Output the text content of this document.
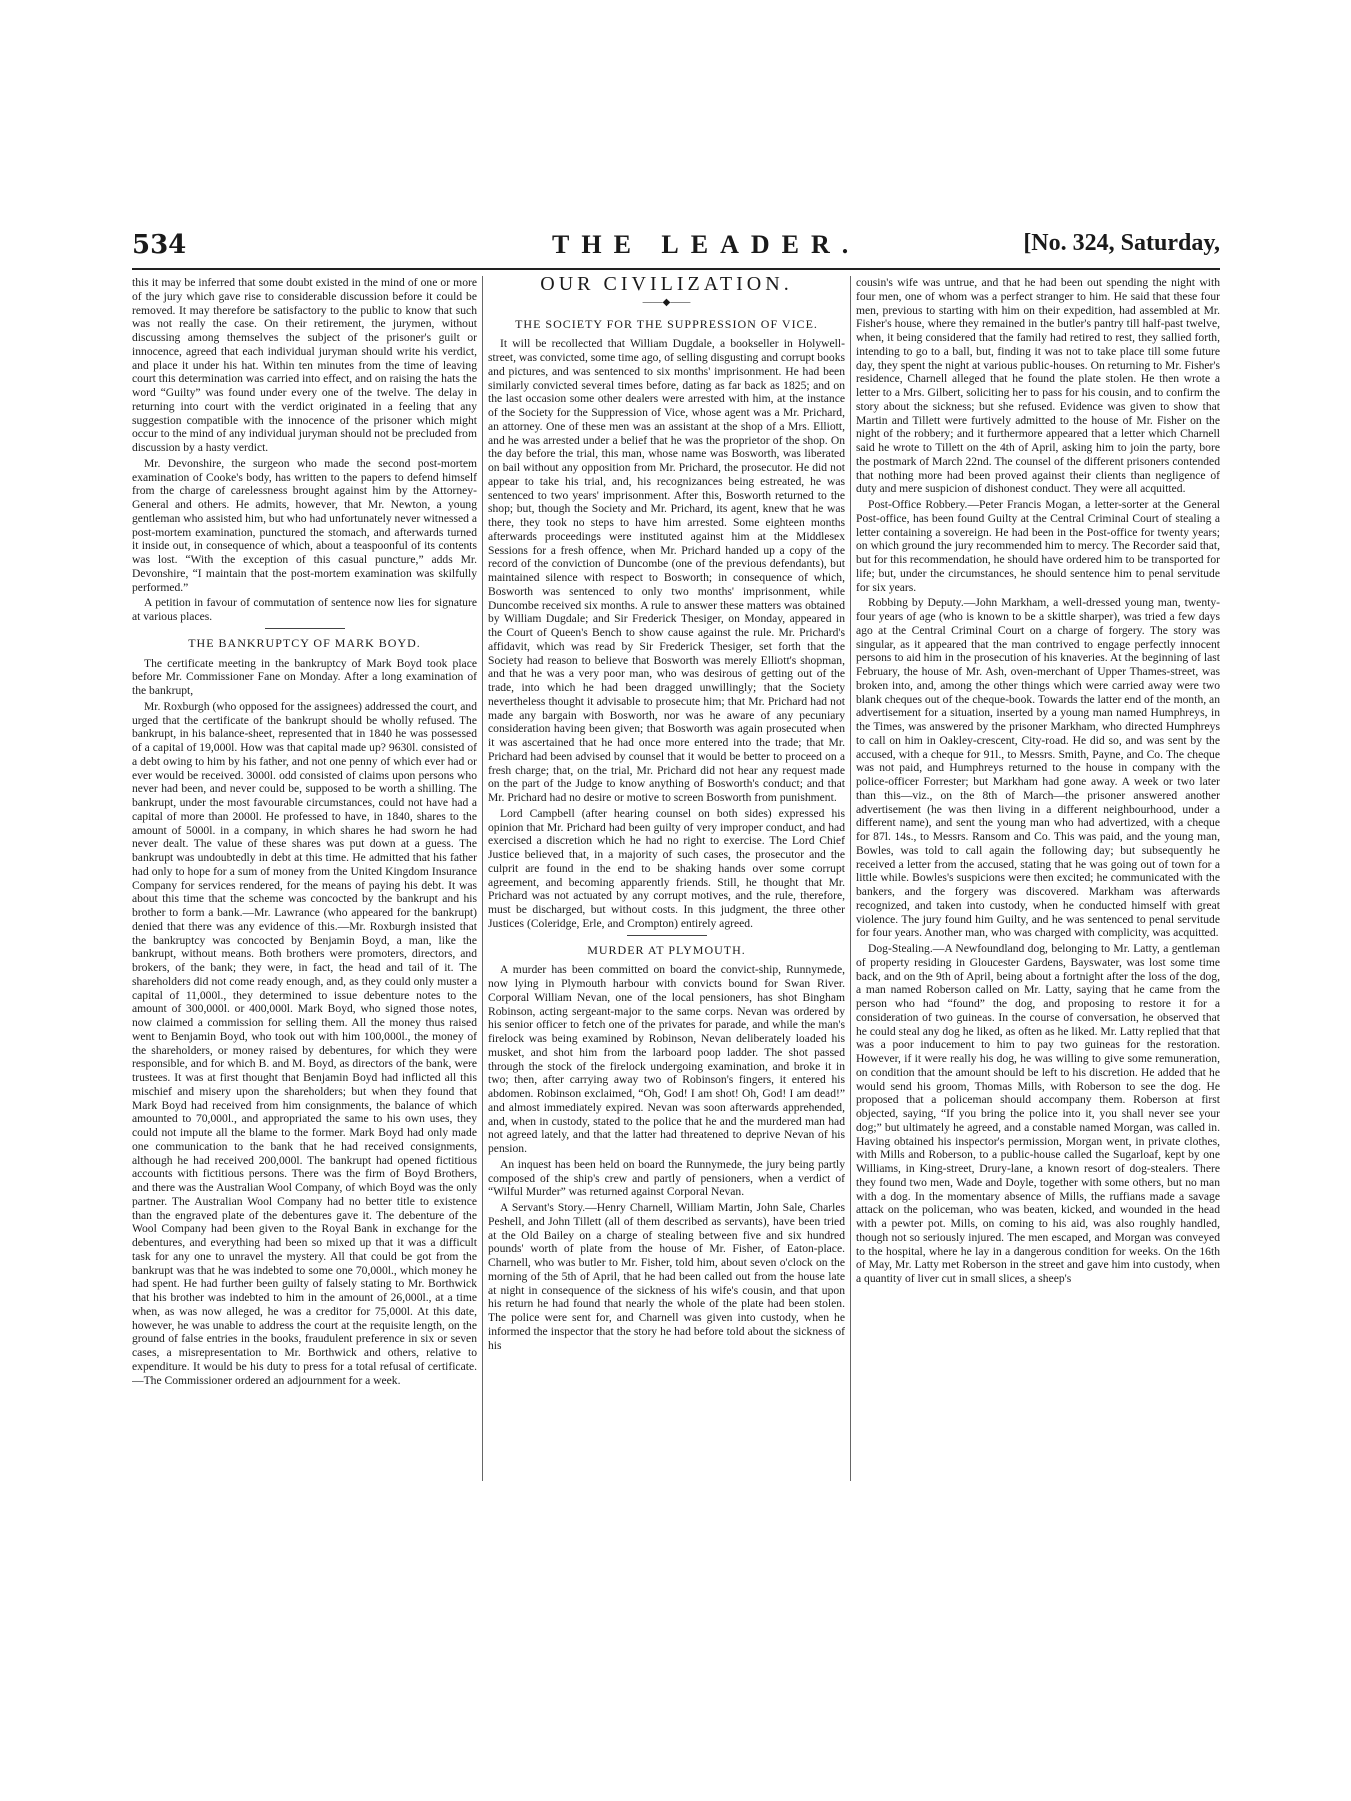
534	THE LEADER.	[No. 324, Saturday,

this it may be inferred that some doubt existed in the mind of one or more of the jury which gave rise to considerable discussion before it could be removed. It may therefore be satisfactory to the public to know that such was not really the case. On their retirement, the jurymen, without discussing among themselves the subject of the prisoner's guilt or innocence, agreed that each individual juryman should write his verdict, and place it under his hat. Within ten minutes from the time of leaving court this determination was carried into effect, and on raising the hats the word “Guilty” was found under every one of the twelve. The delay in returning into court with the verdict originated in a feeling that any suggestion compatible with the innocence of the prisoner which might occur to the mind of any individual juryman should not be precluded from discussion by a hasty verdict.

Mr. Devonshire, the surgeon who made the second post-mortem examination of Cooke's body, has written to the papers to defend himself from the charge of carelessness brought against him by the Attorney-General and others. He admits, however, that Mr. Newton, a young gentleman who assisted him, but who had unfortunately never witnessed a post-mortem examination, punctured the stomach, and afterwards turned it inside out, in consequence of which, about a teaspoonful of its contents was lost. “With the exception of this casual puncture,” adds Mr. Devonshire, “I maintain that the post-mortem examination was skilfully performed.”

A petition in favour of commutation of sentence now lies for signature at various places.

THE BANKRUPTCY OF MARK BOYD.

The certificate meeting in the bankruptcy of Mark Boyd took place before Mr. Commissioner Fane on Monday. After a long examination of the bankrupt,

Mr. Roxburgh (who opposed for the assignees) addressed the court, and urged that the certificate of the bankrupt should be wholly refused. The bankrupt, in his balance-sheet, represented that in 1840 he was possessed of a capital of 19,000l. How was that capital made up? 9630l. consisted of a debt owing to him by his father, and not one penny of which ever had or ever would be received. 3000l. odd consisted of claims upon persons who never had been, and never could be, supposed to be worth a shilling. The bankrupt, under the most favourable circumstances, could not have had a capital of more than 2000l. He professed to have, in 1840, shares to the amount of 5000l. in a company, in which shares he had sworn he had never dealt. The value of these shares was put down at a guess. The bankrupt was undoubtedly in debt at this time. He admitted that his father had only to hope for a sum of money from the United Kingdom Insurance Company for services rendered, for the means of paying his debt. It was about this time that the scheme was concocted by the bankrupt and his brother to form a bank.—Mr. Lawrance (who appeared for the bankrupt) denied that there was any evidence of this.—Mr. Roxburgh insisted that the bankruptcy was concocted by Benjamin Boyd, a man, like the bankrupt, without means. Both brothers were promoters, directors, and brokers, of the bank; they were, in fact, the head and tail of it. The shareholders did not come ready enough, and, as they could only muster a capital of 11,000l., they determined to issue debenture notes to the amount of 300,000l. or 400,000l. Mark Boyd, who signed those notes, now claimed a commission for selling them. All the money thus raised went to Benjamin Boyd, who took out with him 100,000l., the money of the shareholders, or money raised by debentures, for which they were responsible, and for which B. and M. Boyd, as directors of the bank, were trustees. It was at first thought that Benjamin Boyd had inflicted all this mischief and misery upon the shareholders; but when they found that Mark Boyd had received from him consignments, the balance of which amounted to 70,000l., and appropriated the same to his own uses, they could not impute all the blame to the former. Mark Boyd had only made one communication to the bank that he had received consignments, although he had received 200,000l. The bankrupt had opened fictitious accounts with fictitious persons. There was the firm of Boyd Brothers, and there was the Australian Wool Company, of which Boyd was the only partner. The Australian Wool Company had no better title to existence than the engraved plate of the debentures gave it. The debenture of the Wool Company had been given to the Royal Bank in exchange for the debentures, and everything had been so mixed up that it was a difficult task for any one to unravel the mystery. All that could be got from the bankrupt was that he was indebted to some one 70,000l., which money he had spent. He had further been guilty of falsely stating to Mr. Borthwick that his brother was indebted to him in the amount of 26,000l., at a time when, as was now alleged, he was a creditor for 75,000l. At this date, however, he was unable to address the court at the requisite length, on the ground of false entries in the books, fraudulent preference in six or seven cases, a misrepresentation to Mr. Borthwick and others, relative to expenditure. It would be his duty to press for a total refusal of certificate.—The Commissioner ordered an adjournment for a week.

OUR CIVILIZATION.
——◆——
THE SOCIETY FOR THE SUPPRESSION OF VICE.

It will be recollected that William Dugdale, a bookseller in Holywell-street, was convicted, some time ago, of selling disgusting and corrupt books and pictures, and was sentenced to six months' imprisonment. He had been similarly convicted several times before, dating as far back as 1825; and on the last occasion some other dealers were arrested with him, at the instance of the Society for the Suppression of Vice, whose agent was a Mr. Prichard, an attorney. One of these men was an assistant at the shop of a Mrs. Elliott, and he was arrested under a belief that he was the proprietor of the shop. On the day before the trial, this man, whose name was Bosworth, was liberated on bail without any opposition from Mr. Prichard, the prosecutor. He did not appear to take his trial, and, his recognizances being estreated, he was sentenced to two years' imprisonment. After this, Bosworth returned to the shop; but, though the Society and Mr. Prichard, its agent, knew that he was there, they took no steps to have him arrested. Some eighteen months afterwards proceedings were instituted against him at the Middlesex Sessions for a fresh offence, when Mr. Prichard handed up a copy of the record of the conviction of Duncombe (one of the previous defendants), but maintained silence with respect to Bosworth; in consequence of which, Bosworth was sentenced to only two months' imprisonment, while Duncombe received six months. A rule to answer these matters was obtained by William Dugdale; and Sir Frederick Thesiger, on Monday, appeared in the Court of Queen's Bench to show cause against the rule. Mr. Prichard's affidavit, which was read by Sir Frederick Thesiger, set forth that the Society had reason to believe that Bosworth was merely Elliott's shopman, and that he was a very poor man, who was desirous of getting out of the trade, into which he had been dragged unwillingly; that the Society nevertheless thought it advisable to prosecute him; that Mr. Prichard had not made any bargain with Bosworth, nor was he aware of any pecuniary consideration having been given; that Bosworth was again prosecuted when it was ascertained that he had once more entered into the trade; that Mr. Prichard had been advised by counsel that it would be better to proceed on a fresh charge; that, on the trial, Mr. Prichard did not hear any request made on the part of the Judge to know anything of Bosworth's conduct; and that Mr. Prichard had no desire or motive to screen Bosworth from punishment.

Lord Campbell (after hearing counsel on both sides) expressed his opinion that Mr. Prichard had been guilty of very improper conduct, and had exercised a discretion which he had no right to exercise. The Lord Chief Justice believed that, in a majority of such cases, the prosecutor and the culprit are found in the end to be shaking hands over some corrupt agreement, and becoming apparently friends. Still, he thought that Mr. Prichard was not actuated by any corrupt motives, and the rule, therefore, must be discharged, but without costs. In this judgment, the three other Justices (Coleridge, Erle, and Crompton) entirely agreed.

MURDER AT PLYMOUTH.

A murder has been committed on board the convict-ship, Runnymede, now lying in Plymouth harbour with convicts bound for Swan River. Corporal William Nevan, one of the local pensioners, has shot Bingham Robinson, acting sergeant-major to the same corps. Nevan was ordered by his senior officer to fetch one of the privates for parade, and while the man's firelock was being examined by Robinson, Nevan deliberately loaded his musket, and shot him from the larboard poop ladder. The shot passed through the stock of the firelock undergoing examination, and broke it in two; then, after carrying away two of Robinson's fingers, it entered his abdomen. Robinson exclaimed, “Oh, God! I am shot! Oh, God! I am dead!” and almost immediately expired. Nevan was soon afterwards apprehended, and, when in custody, stated to the police that he and the murdered man had not agreed lately, and that the latter had threatened to deprive Nevan of his pension.

An inquest has been held on board the Runnymede, the jury being partly composed of the ship's crew and partly of pensioners, when a verdict of “Wilful Murder” was returned against Corporal Nevan.

A Servant's Story.—Henry Charnell, William Martin, John Sale, Charles Peshell, and John Tillett (all of them described as servants), have been tried at the Old Bailey on a charge of stealing between five and six hundred pounds' worth of plate from the house of Mr. Fisher, of Eaton-place. Charnell, who was butler to Mr. Fisher, told him, about seven o'clock on the morning of the 5th of April, that he had been called out from the house late at night in consequence of the sickness of his wife's cousin, and that upon his return he had found that nearly the whole of the plate had been stolen. The police were sent for, and Charnell was given into custody, when he informed the inspector that the story he had before told about the sickness of his

cousin's wife was untrue, and that he had been out spending the night with four men, one of whom was a perfect stranger to him. He said that these four men, previous to starting with him on their expedition, had assembled at Mr. Fisher's house, where they remained in the butler's pantry till half-past twelve, when, it being considered that the family had retired to rest, they sallied forth, intending to go to a ball, but, finding it was not to take place till some future day, they spent the night at various public-houses. On returning to Mr. Fisher's residence, Charnell alleged that he found the plate stolen. He then wrote a letter to a Mrs. Gilbert, soliciting her to pass for his cousin, and to confirm the story about the sickness; but she refused. Evidence was given to show that Martin and Tillett were furtively admitted to the house of Mr. Fisher on the night of the robbery; and it furthermore appeared that a letter which Charnell said he wrote to Tillett on the 4th of April, asking him to join the party, bore the postmark of March 22nd. The counsel of the different prisoners contended that nothing more had been proved against their clients than negligence of duty and mere suspicion of dishonest conduct. They were all acquitted.

Post-Office Robbery.—Peter Francis Mogan, a letter-sorter at the General Post-office, has been found Guilty at the Central Criminal Court of stealing a letter containing a sovereign. He had been in the Post-office for twenty years; on which ground the jury recommended him to mercy. The Recorder said that, but for this recommendation, he should have ordered him to be transported for life; but, under the circumstances, he should sentence him to penal servitude for six years.

Robbing by Deputy.—John Markham, a well-dressed young man, twenty-four years of age (who is known to be a skittle sharper), was tried a few days ago at the Central Criminal Court on a charge of forgery. The story was singular, as it appeared that the man contrived to engage perfectly innocent persons to aid him in the prosecution of his knaveries. At the beginning of last February, the house of Mr. Ash, oven-merchant of Upper Thames-street, was broken into, and, among the other things which were carried away were two blank cheques out of the cheque-book. Towards the latter end of the month, an advertisement for a situation, inserted by a young man named Humphreys, in the Times, was answered by the prisoner Markham, who directed Humphreys to call on him in Oakley-crescent, City-road. He did so, and was sent by the accused, with a cheque for 91l., to Messrs. Smith, Payne, and Co. The cheque was not paid, and Humphreys returned to the house in company with the police-officer Forrester; but Markham had gone away. A week or two later than this—viz., on the 8th of March—the prisoner answered another advertisement (he was then living in a different neighbourhood, under a different name), and sent the young man who had advertized, with a cheque for 87l. 14s., to Messrs. Ransom and Co. This was paid, and the young man, Bowles, was told to call again the following day; but subsequently he received a letter from the accused, stating that he was going out of town for a little while. Bowles's suspicions were then excited; he communicated with the bankers, and the forgery was discovered. Markham was afterwards recognized, and taken into custody, when he conducted himself with great violence. The jury found him Guilty, and he was sentenced to penal servitude for four years. Another man, who was charged with complicity, was acquitted.

Dog-Stealing.—A Newfoundland dog, belonging to Mr. Latty, a gentleman of property residing in Gloucester Gardens, Bayswater, was lost some time back, and on the 9th of April, being about a fortnight after the loss of the dog, a man named Roberson called on Mr. Latty, saying that he came from the person who had “found” the dog, and proposing to restore it for a consideration of two guineas. In the course of conversation, he observed that he could steal any dog he liked, as often as he liked. Mr. Latty replied that that was a poor inducement to him to pay two guineas for the restoration. However, if it were really his dog, he was willing to give some remuneration, on condition that the amount should be left to his discretion. He added that he would send his groom, Thomas Mills, with Roberson to see the dog. He proposed that a policeman should accompany them. Roberson at first objected, saying, “If you bring the police into it, you shall never see your dog;” but ultimately he agreed, and a constable named Morgan, was called in. Having obtained his inspector's permission, Morgan went, in private clothes, with Mills and Roberson, to a public-house called the Sugarloaf, kept by one Williams, in King-street, Drury-lane, a known resort of dog-stealers. There they found two men, Wade and Doyle, together with some others, but no man with a dog. In the momentary absence of Mills, the ruffians made a savage attack on the policeman, who was beaten, kicked, and wounded in the head with a pewter pot. Mills, on coming to his aid, was also roughly handled, though not so seriously injured. The men escaped, and Morgan was conveyed to the hospital, where he lay in a dangerous condition for weeks. On the 16th of May, Mr. Latty met Roberson in the street and gave him into custody, when a quantity of liver cut in small slices, a sheep's
